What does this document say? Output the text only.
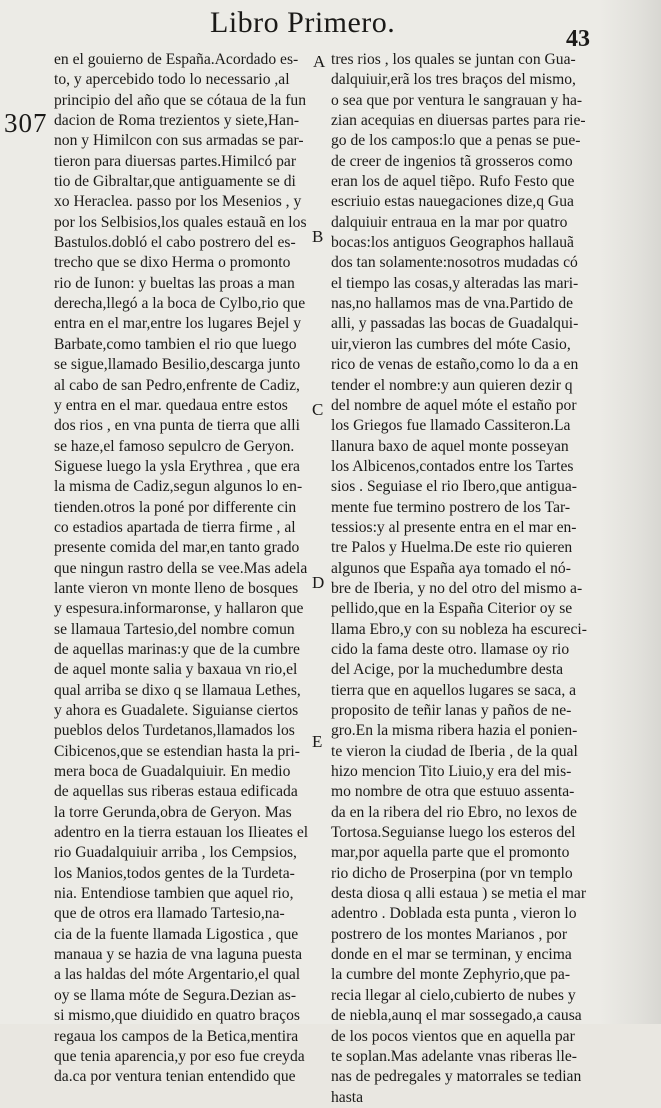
Libro Primero.	43
307
A
B
C
D
E
en el gouierno de España.Acordado es-
to, y apercebido todo lo necessario ,al
principio del año que se cótaua de la fun
dacion de Roma trezientos y siete,Han-
non y Himilcon con sus armadas se par-
tieron para diuersas partes.Himilcó par
tio de Gibraltar,que antiguamente se di
xo Heraclea. passo por los Mesenios , y
por los Selbisios,los quales estauã en los
Bastulos.dobló el cabo postrero del es-
trecho que se dixo Herma o promonto
rio de Iunon: y bueltas las proas a man
derecha,llegó a la boca de Cylbo,rio que
entra en el mar,entre los lugares Bejel y
Barbate,como tambien el rio que luego
se sigue,llamado Besilio,descarga junto
al cabo de san Pedro,enfrente de Cadiz,
y entra en el mar. quedaua entre estos
dos rios , en vna punta de tierra que alli
se haze,el famoso sepulcro de Geryon.
Siguese luego la ysla Erythrea , que era
la misma de Cadiz,segun algunos lo en-
tienden.otros la poné por differente cin
co estadios apartada de tierra firme , al
presente comida del mar,en tanto grado
que ningun rastro della se vee.Mas adela
lante vieron vn monte lleno de bosques
y espesura.informaronse, y hallaron que
se llamaua Tartesio,del nombre comun
de aquellas marinas:y que de la cumbre
de aquel monte salia y baxaua vn rio,el
qual arriba se dixo q se llamaua Lethes,
y ahora es Guadalete. Siguianse ciertos
pueblos delos Turdetanos,llamados los
Cibicenos,que se estendian hasta la pri-
mera boca de Guadalquiuir. En medio
de aquellas sus riberas estaua edificada
la torre Gerunda,obra de Geryon. Mas
adentro en la tierra estauan los Ilieates el
rio Guadalquiuir arriba , los Cempsios,
los Manios,todos gentes de la Turdeta-
nia. Entendiose tambien que aquel rio,
que de otros era llamado Tartesio,na-
cia de la fuente llamada Ligostica , que
manaua y se hazia de vna laguna puesta
a las haldas del móte Argentario,el qual
oy se llama móte de Segura.Dezian as-
si mismo,que diuidido en quatro braços
regaua los campos de la Betica,mentira
que tenia aparencia,y por eso fue creyda
da.ca por ventura tenian entendido que
tres rios , los quales se juntan con Gua-
dalquiuir,erã los tres braços del mismo,
o sea que por ventura le sangrauan y ha-
zian acequias en diuersas partes para rie-
go de los campos:lo que a penas se pue-
de creer de ingenios tã grosseros como
eran los de aquel tiẽpo. Rufo Festo que
escriuio estas nauegaciones dize,q Gua
dalquiuir entraua en la mar por quatro
bocas:los antiguos Geographos hallauã
dos tan solamente:nosotros mudadas có
el tiempo las cosas,y alteradas las mari-
nas,no hallamos mas de vna.Partido de
alli, y passadas las bocas de Guadalqui-
uir,vieron las cumbres del móte Casio,
rico de venas de estaño,como lo da a en
tender el nombre:y aun quieren dezir q
del nombre de aquel móte el estaño por
los Griegos fue llamado Cassiteron.La
llanura baxo de aquel monte posseyan
los Albicenos,contados entre los Tartes
sios . Seguiase el rio Ibero,que antigua-
mente fue termino postrero de los Tar-
tessios:y al presente entra en el mar en-
tre Palos y Huelma.De este rio quieren
algunos que España aya tomado el nó-
bre de Iberia, y no del otro del mismo a-
pellido,que en la España Citerior oy se
llama Ebro,y con su nobleza ha escureci-
cido la fama deste otro. llamase oy rio
del Acige, por la muchedumbre desta
tierra que en aquellos lugares se saca, a
proposito de teñir lanas y paños de ne-
gro.En la misma ribera hazia el ponien-
te vieron la ciudad de Iberia , de la qual
hizo mencion Tito Liuio,y era del mis-
mo nombre de otra que estuuo assenta-
da en la ribera del rio Ebro, no lexos de
Tortosa.Seguianse luego los esteros del
mar,por aquella parte que el promonto
rio dicho de Proserpina (por vn templo
desta diosa q alli estaua ) se metia el mar
adentro . Doblada esta punta , vieron lo
postrero de los montes Marianos , por
donde en el mar se terminan, y encima
la cumbre del monte Zephyrio,que pa-
recia llegar al cielo,cubierto de nubes y
de niebla,aunq el mar sossegado,a causa
de los pocos vientos que en aquella par
te soplan.Mas adelante vnas riberas lle-
nas de pedregales y matorrales se tedian
hasta
